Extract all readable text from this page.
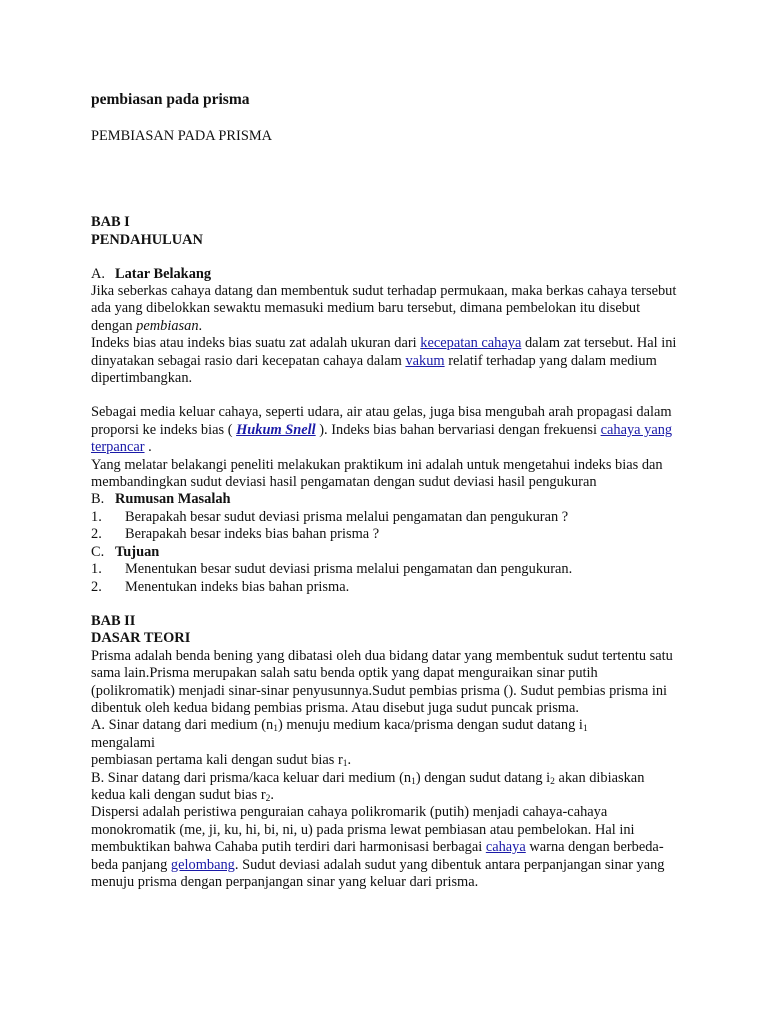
pembiasan pada prisma
PEMBIASAN PADA PRISMA
BAB I
PENDAHULUAN
A. Latar Belakang

Jika seberkas cahaya datang dan membentuk sudut terhadap permukaan, maka berkas cahaya tersebut ada yang dibelokkan sewaktu memasuki medium baru tersebut, dimana pembelokan itu disebut dengan pembiasan.

Indeks bias atau indeks bias suatu zat adalah ukuran dari kecepatan cahaya dalam zat tersebut. Hal ini dinyatakan sebagai rasio dari kecepatan cahaya dalam vakum relatif terhadap yang dalam medium dipertimbangkan.

Sebagai media keluar cahaya, seperti udara, air atau gelas, juga bisa mengubah arah propagasi dalam proporsi ke indeks bias ( Hukum Snell ). Indeks bias bahan bervariasi dengan frekuensi cahaya yang terpancar .

Yang melatar belakangi peneliti melakukan praktikum ini adalah untuk mengetahui indeks bias dan membandingkan sudut deviasi hasil pengamatan dengan sudut deviasi hasil pengukuran

B. Rumusan Masalah
1.	Berapakah besar sudut deviasi prisma melalui pengamatan dan pengukuran ?
2.	Berapakah besar indeks bias bahan prisma ?
C. Tujuan
1.	Menentukan besar sudut deviasi prisma melalui pengamatan dan pengukuran.
2.	Menentukan indeks bias bahan prisma.
BAB II
DASAR TEORI

Prisma adalah benda bening yang dibatasi oleh dua bidang datar yang membentuk sudut tertentu satu sama lain.Prisma merupakan salah satu benda optik yang dapat menguraikan sinar putih (polikromatik) menjadi sinar-sinar penyusunnya.Sudut pembias prisma (). Sudut pembias prisma ini dibentuk oleh kedua bidang pembias prisma. Atau disebut juga sudut puncak prisma.

A. Sinar datang dari medium $(n_1)$ menuju medium kaca/prisma dengan sudut datang $i_1$
mengalami
pembiasan pertama kali dengan sudut bias $r_1$.

B. Sinar datang dari prisma/kaca keluar dari medium $(n_1)$ dengan sudut datang $i_2$ akan dibiaskan kedua kali dengan sudut bias $r_2$.

Dispersi adalah peristiwa penguraian cahaya polikromarik (putih) menjadi cahaya-cahaya monokromatik (me, ji, ku, hi, bi, ni, u) pada prisma lewat pembiasan atau pembelokan. Hal ini membuktikan bahwa Cahaba putih terdiri dari harmonisasi berbagai cahaya warna dengan berbeda-beda panjang gelombang. Sudut deviasi adalah sudut yang dibentuk antara perpanjangan sinar yang menuju prisma dengan perpanjangan sinar yang keluar dari prisma.
